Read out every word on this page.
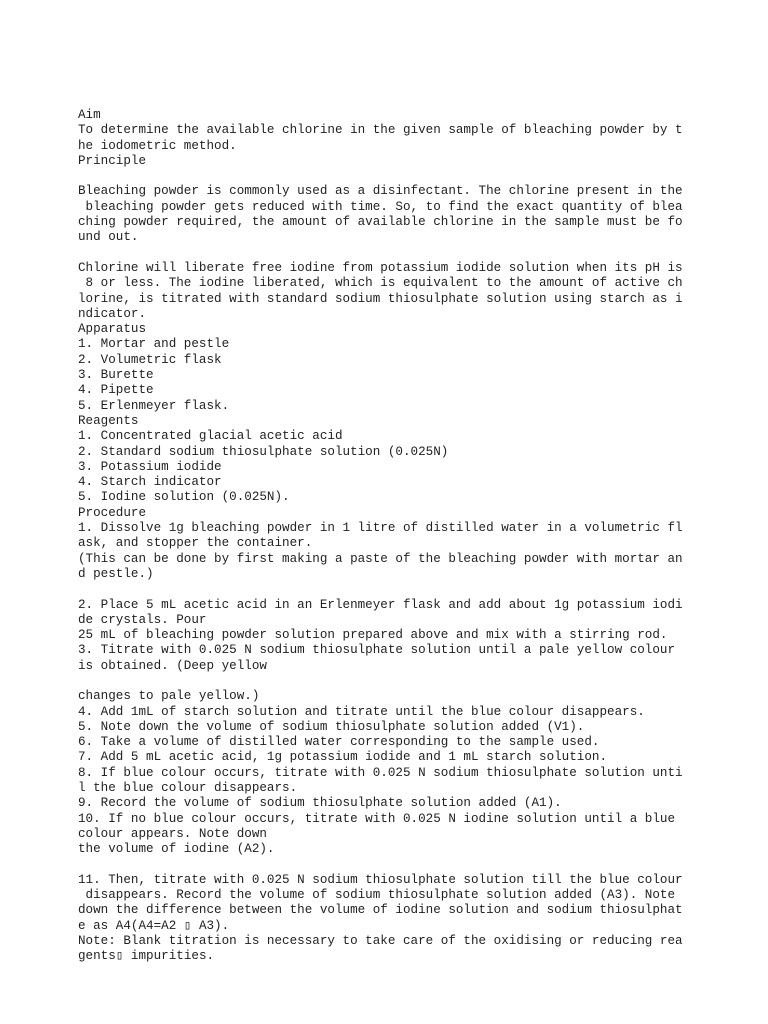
Aim
To determine the available chlorine in the given sample of bleaching powder by t
he iodometric method.
Principle
Bleaching powder is commonly used as a disinfectant. The chlorine present in the
bleaching powder gets reduced with time. So, to find the exact quantity of blea
ching powder required, the amount of available chlorine in the sample must be fo
und out.
Chlorine will liberate free iodine from potassium iodide solution when its pH is
8 or less. The iodine liberated, which is equivalent to the amount of active ch
lorine, is titrated with standard sodium thiosulphate solution using starch as i
ndicator.
Apparatus
1. Mortar and pestle
2. Volumetric flask
3. Burette
4. Pipette
5. Erlenmeyer flask.
Reagents
1. Concentrated glacial acetic acid
2. Standard sodium thiosulphate solution (0.025N)
3. Potassium iodide
4. Starch indicator
5. Iodine solution (0.025N).
Procedure
1. Dissolve 1g bleaching powder in 1 litre of distilled water in a volumetric fl
ask, and stopper the container.
(This can be done by first making a paste of the bleaching powder with mortar an
d pestle.)
2. Place 5 mL acetic acid in an Erlenmeyer flask and add about 1g potassium iodi
de crystals. Pour
25 mL of bleaching powder solution prepared above and mix with a stirring rod.
3. Titrate with 0.025 N sodium thiosulphate solution until a pale yellow colour
is obtained. (Deep yellow
changes to pale yellow.)
4. Add 1mL of starch solution and titrate until the blue colour disappears.
5. Note down the volume of sodium thiosulphate solution added (V1).
6. Take a volume of distilled water corresponding to the sample used.
7. Add 5 mL acetic acid, 1g potassium iodide and 1 mL starch solution.
8. If blue colour occurs, titrate with 0.025 N sodium thiosulphate solution unti
l the blue colour disappears.
9. Record the volume of sodium thiosulphate solution added (A1).
10. If no blue colour occurs, titrate with 0.025 N iodine solution until a blue
colour appears. Note down
the volume of iodine (A2).
11. Then, titrate with 0.025 N sodium thiosulphate solution till the blue colour
disappears. Record the volume of sodium thiosulphate solution added (A3). Note
down the difference between the volume of iodine solution and sodium thiosulphat
e as A4(A4=A2 ▯ A3).
Note: Blank titration is necessary to take care of the oxidising or reducing rea
gents▯ impurities.
